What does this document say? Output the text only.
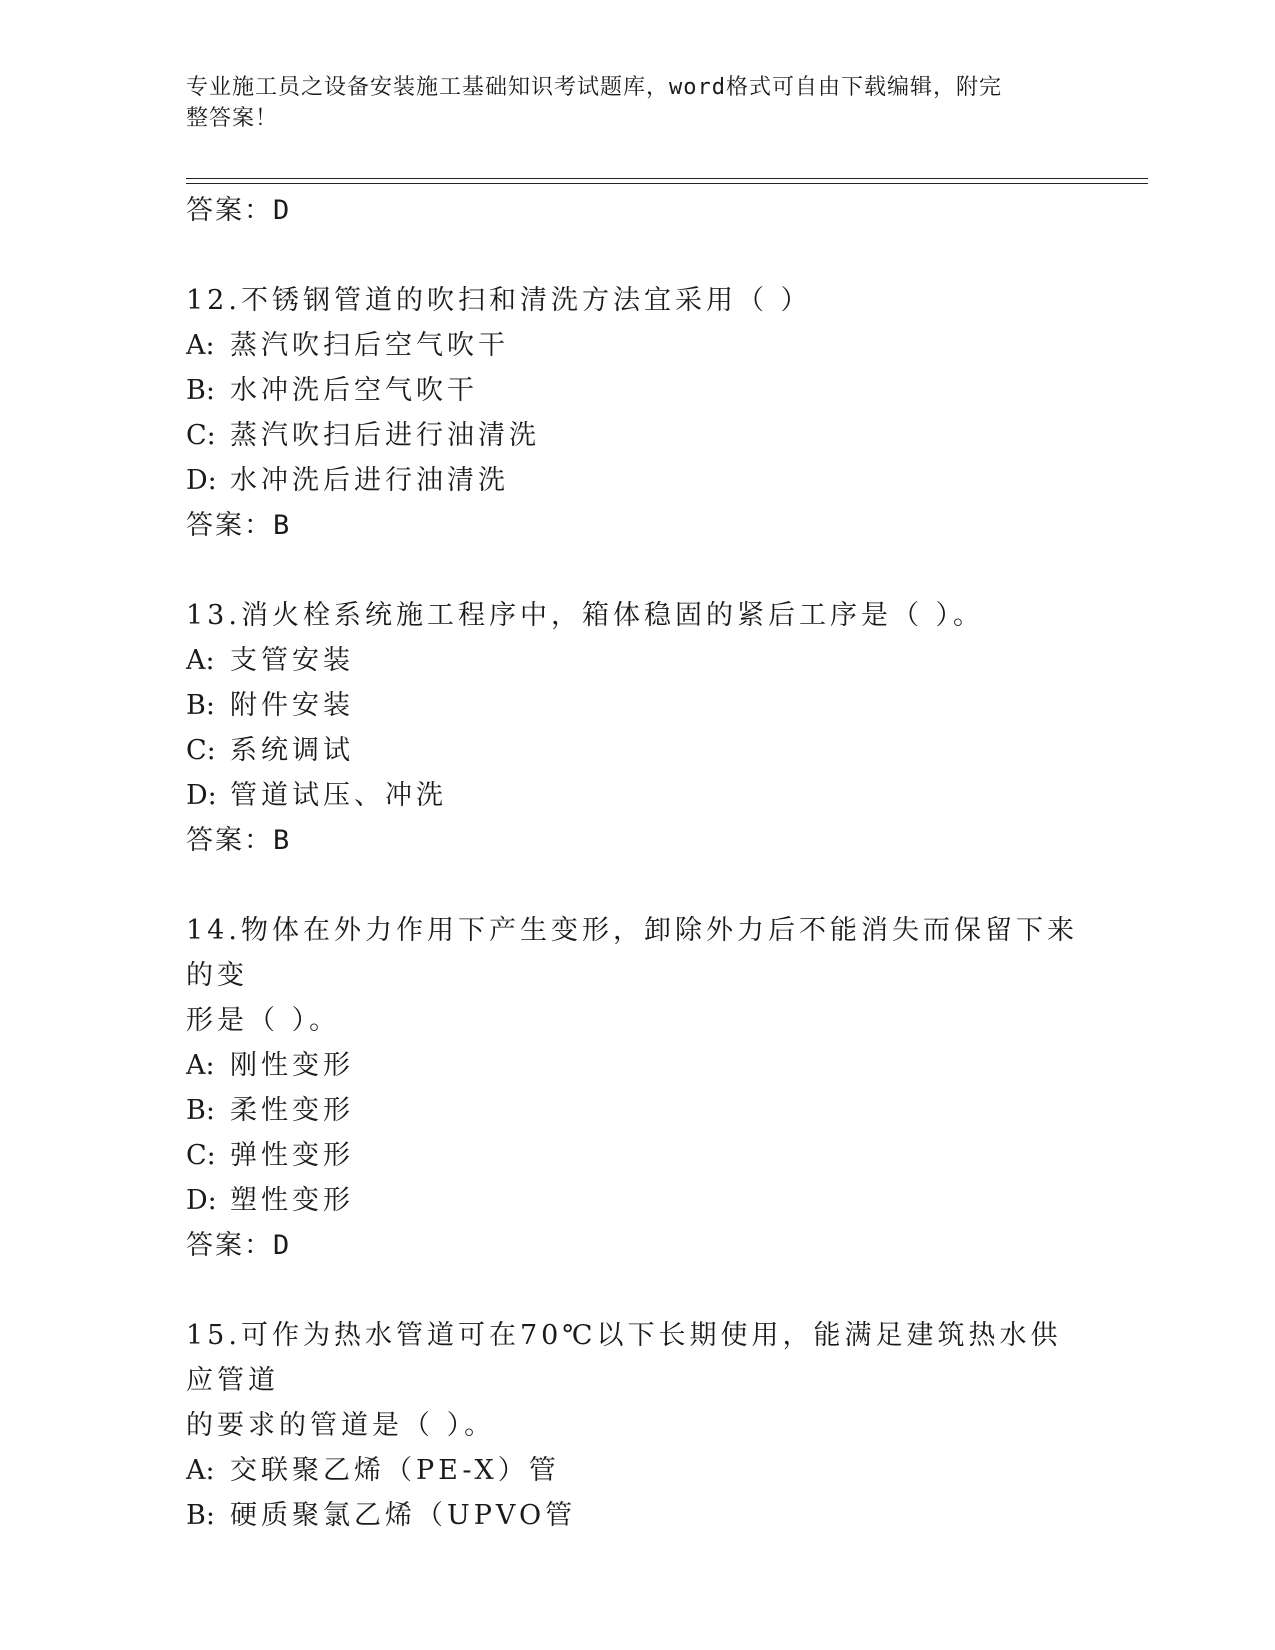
专业施工员之设备安装施工基础知识考试题库，word格式可自由下载编辑，附完
整答案！
答案：D
12.不锈钢管道的吹扫和清洗方法宜采用（ ）
A: 蒸汽吹扫后空气吹干
B: 水冲洗后空气吹干
C: 蒸汽吹扫后进行油清洗
D: 水冲洗后进行油清洗
答案：B
13.消火栓系统施工程序中，箱体稳固的紧后工序是（ ）。
A: 支管安装
B: 附件安装
C: 系统调试
D: 管道试压、冲洗
答案：B
14.物体在外力作用下产生变形，卸除外力后不能消失而保留下来的变
形是（ ）。
A: 刚性变形
B: 柔性变形
C: 弹性变形
D: 塑性变形
答案：D
15.可作为热水管道可在70℃以下长期使用，能满足建筑热水供应管道
的要求的管道是（ ）。
A: 交联聚乙烯（PE-X）管
B: 硬质聚氯乙烯（UPVO管
